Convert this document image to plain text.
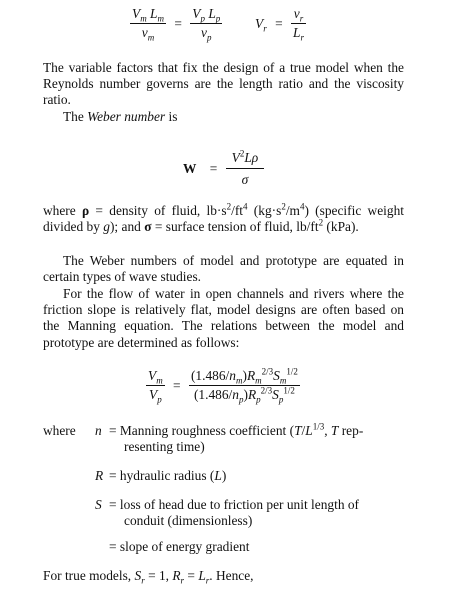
$\frac{V_m L_m}{\nu_m} = \frac{V_p L_p}{\nu_p} V_r = \frac{\nu_r}{L_r}$
The variable factors that fix the design of a true model when the Reynolds number governs are the length ratio and the viscosity ratio.
The Weber number is
$W = \frac{V^2L\rho}{\sigma}$
where ρ = density of fluid, $lb\cdot s^2/ft^4$ $(kg\cdot s^2/m^4)$ (specific weight divided by g); and σ = surface tension of fluid, $lb/ft^2$ (kPa).
The Weber numbers of model and prototype are equated in certain types of wave studies.
For the flow of water in open channels and rivers where the friction slope is relatively flat, model designs are often based on the Manning equation. The relations between the model and prototype are determined as follows:
$\frac{V_m}{V_p} = \frac{(1.486/n_m)R_m^{2/3}S_m^{1/2}}{(1.486/n_p)R_p^{2/3}S_p^{1/2}}$
where n = Manning roughness coefficient ($T/L^{1/3}$, T rep-
resenting time)
R = hydraulic radius (L)
S = loss of head due to friction per unit length of
conduit (dimensionless)
= slope of energy gradient
For true models, $S_r = 1$, $R_r = L_r$. Hence,
